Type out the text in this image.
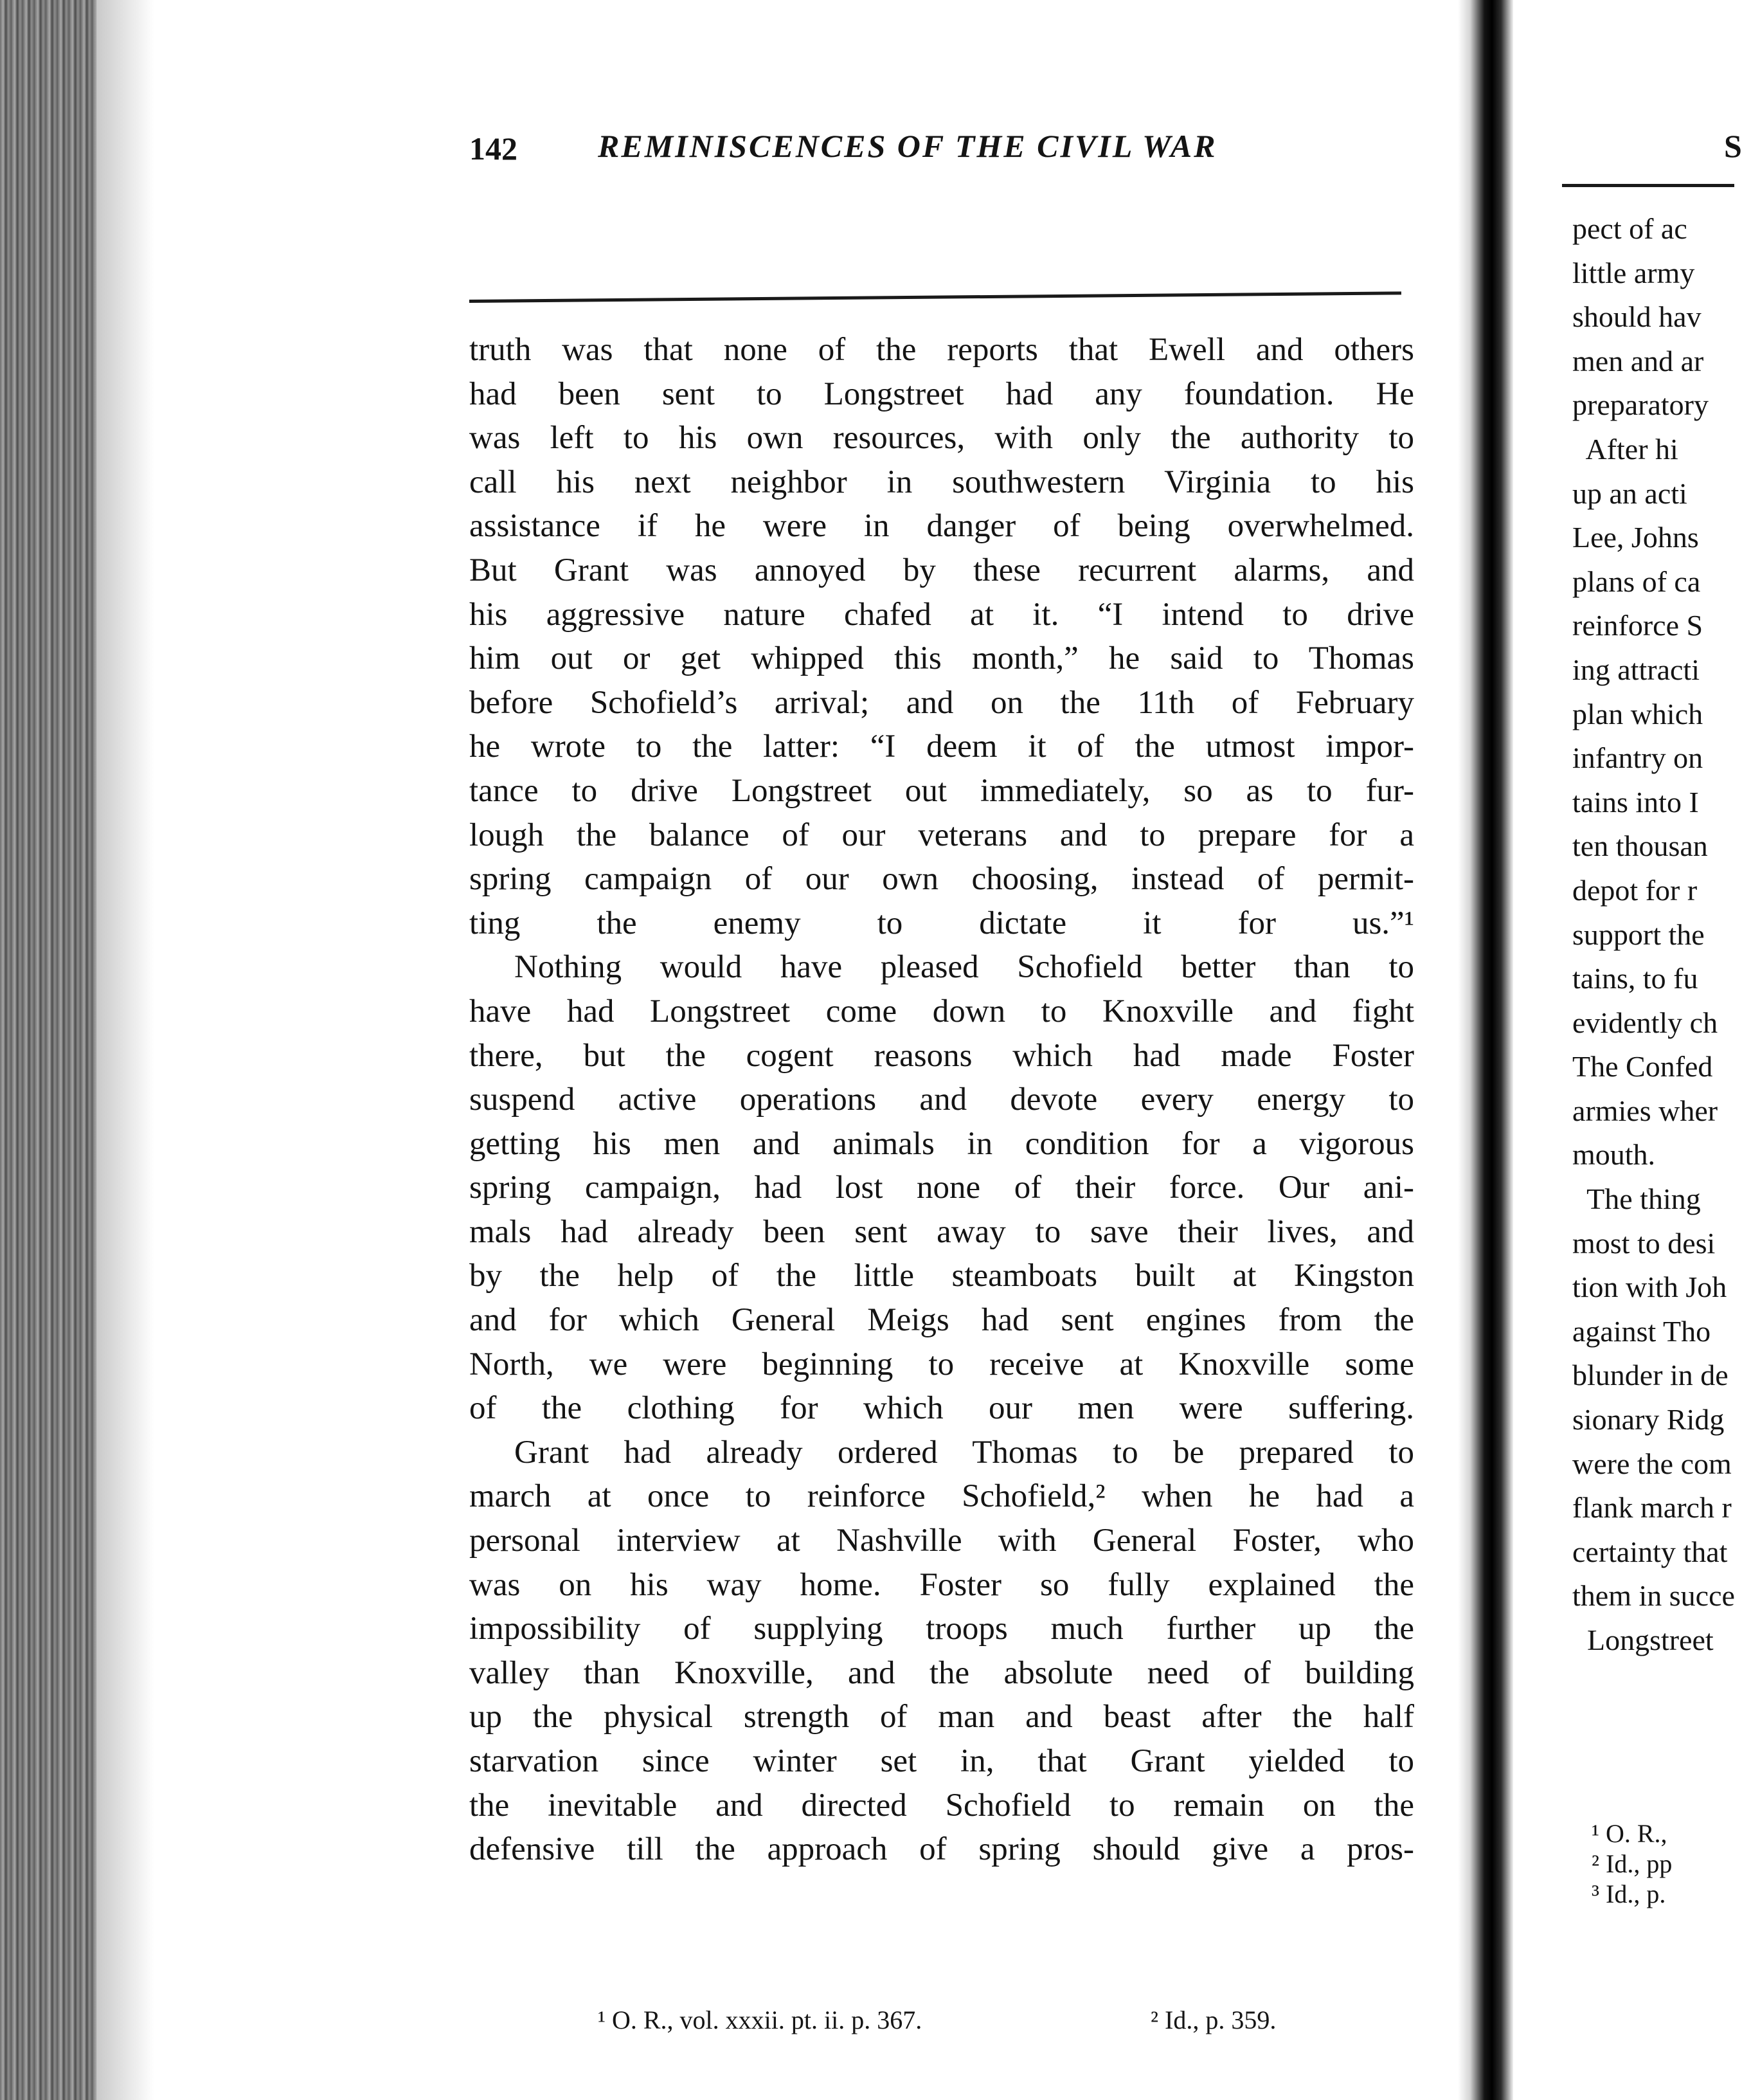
142	REMINISCENCES OF THE CIVIL WAR

truth was that none of the reports that Ewell and others
had been sent to Longstreet had any foundation. He
was left to his own resources, with only the authority to
call his next neighbor in southwestern Virginia to his
assistance if he were in danger of being overwhelmed.
But Grant was annoyed by these recurrent alarms, and
his aggressive nature chafed at it. “I intend to drive
him out or get whipped this month,” he said to Thomas
before Schofield’s arrival; and on the 11th of February
he wrote to the latter: “I deem it of the utmost impor-
tance to drive Longstreet out immediately, so as to fur-
lough the balance of our veterans and to prepare for a
spring campaign of our own choosing, instead of permit-
ting the enemy to dictate it for us.”¹

Nothing would have pleased Schofield better than to
have had Longstreet come down to Knoxville and fight
there, but the cogent reasons which had made Foster
suspend active operations and devote every energy to
getting his men and animals in condition for a vigorous
spring campaign, had lost none of their force. Our ani-
mals had already been sent away to save their lives, and
by the help of the little steamboats built at Kingston
and for which General Meigs had sent engines from the
North, we were beginning to receive at Knoxville some
of the clothing for which our men were suffering.

Grant had already ordered Thomas to be prepared to
march at once to reinforce Schofield,² when he had a
personal interview at Nashville with General Foster, who
was on his way home. Foster so fully explained the
impossibility of supplying troops much further up the
valley than Knoxville, and the absolute need of building
up the physical strength of man and beast after the half
starvation since winter set in, that Grant yielded to
the inevitable and directed Schofield to remain on the
defensive till the approach of spring should give a pros-

¹ O. R., vol. xxxii. pt. ii. p. 367.	² Id., p. 359.
S
pect of ac
little army
should hav
men and ar
preparatory
After hi
up an acti
Lee, Johns
plans of ca
reinforce S
ing attracti
plan which
infantry on
tains into I
ten thousan
depot for r
support the
tains, to fu
evidently ch
The Confed
armies wher
mouth.
The thing
most to desi
tion with Joh
against Tho
blunder in de
sionary Ridg
were the com
flank march r
certainty that
them in succe
Longstreet
¹ O. R.,
² Id., pp
³ Id., p.
